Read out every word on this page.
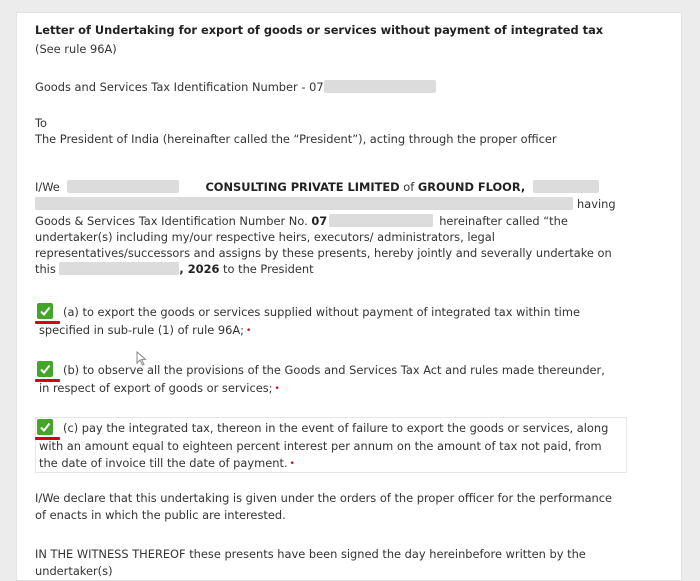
Letter of Undertaking for export of goods or services without payment of integrated tax
(See rule 96A)
Goods and Services Tax Identification Number - 07
To
The President of India (hereinafter called the “President”), acting through the proper officer
I/We	CONSULTING PRIVATE LIMITED of GROUND FLOOR,
having
Goods & Services Tax Identification Number No. 07	hereinafter called “the
undertaker(s) including my/our respective heirs, executors/ administrators, legal
representatives/successors and assigns by these presents, hereby jointly and severally undertake on
this	, 2026 to the President
(a) to export the goods or services supplied without payment of integrated tax within time
specified in sub-rule (1) of rule 96A; •
(b) to observe all the provisions of the Goods and Services Tax Act and rules made thereunder,
in respect of export of goods or services; •
(c) pay the integrated tax, thereon in the event of failure to export the goods or services, along
with an amount equal to eighteen percent interest per annum on the amount of tax not paid, from
the date of invoice till the date of payment. •
I/We declare that this undertaking is given under the orders of the proper officer for the performance
of enacts in which the public are interested.
IN THE WITNESS THEREOF these presents have been signed the day hereinbefore written by the
undertaker(s)
